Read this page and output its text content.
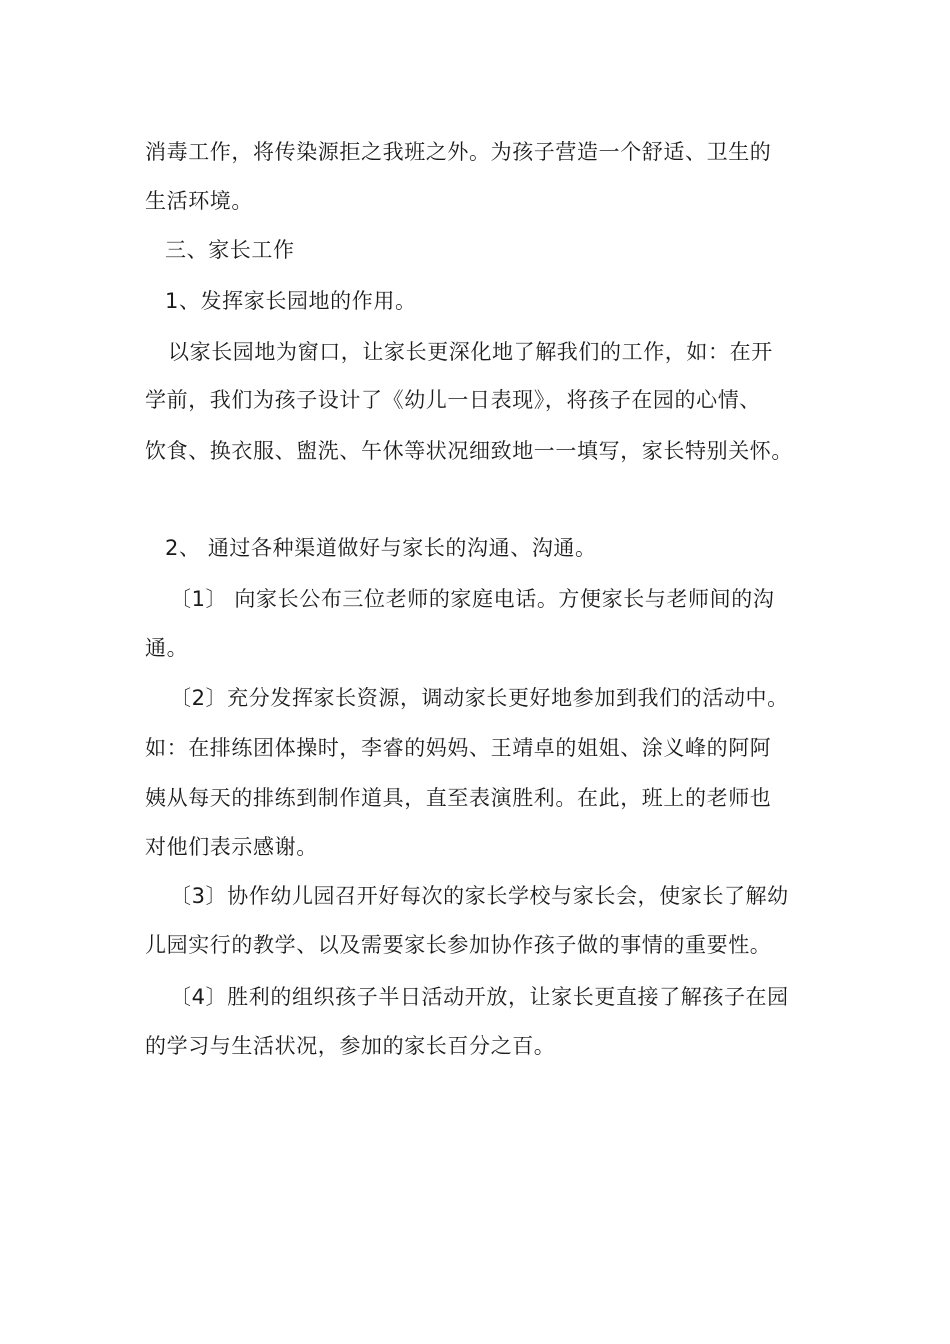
消毒工作，将传染源拒之我班之外。为孩子营造一个舒适、卫生的
生活环境。
三、家长工作
1、发挥家长园地的作用。
以家长园地为窗口，让家长更深化地了解我们的工作，如：在开
学前，我们为孩子设计了《幼儿一日表现》，将孩子在园的心情、
饮食、换衣服、盥洗、午休等状况细致地一一填写，家长特别关怀。
2、 通过各种渠道做好与家长的沟通、沟通。
〔1〕 向家长公布三位老师的家庭电话。方便家长与老师间的沟
通。
〔2〕充分发挥家长资源，调动家长更好地参加到我们的活动中。
如：在排练团体操时，李睿的妈妈、王靖卓的姐姐、涂义峰的阿阿
姨从每天的排练到制作道具，直至表演胜利。在此，班上的老师也
对他们表示感谢。
〔3〕协作幼儿园召开好每次的家长学校与家长会，使家长了解幼
儿园实行的教学、以及需要家长参加协作孩子做的事情的重要性。
〔4〕胜利的组织孩子半日活动开放，让家长更直接了解孩子在园
的学习与生活状况，参加的家长百分之百。
